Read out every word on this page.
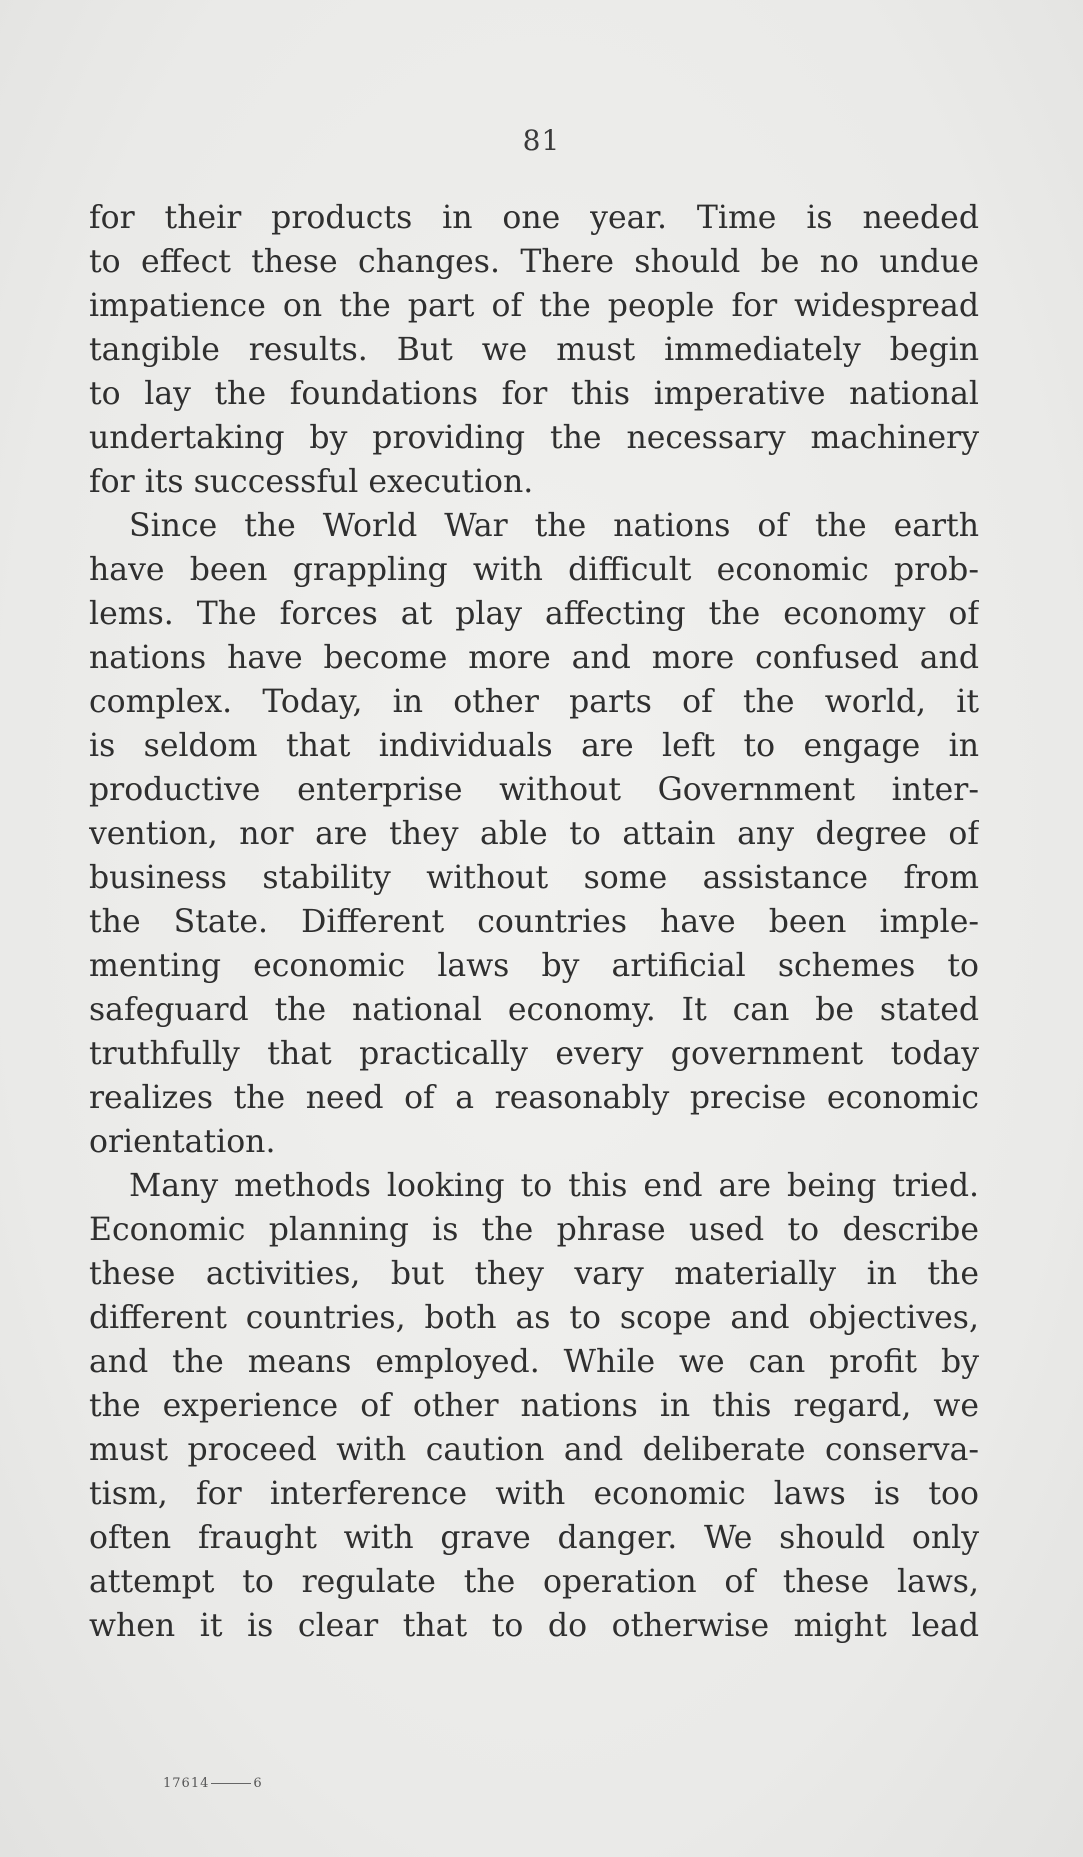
81
for their products in one year. Time is needed
to effect these changes. There should be no undue
impatience on the part of the people for widespread
tangible results. But we must immediately begin
to lay the foundations for this imperative national
undertaking by providing the necessary machinery
for its successful execution.
Since the World War the nations of the earth
have been grappling with difficult economic prob-
lems. The forces at play affecting the economy of
nations have become more and more confused and
complex. Today, in other parts of the world, it
is seldom that individuals are left to engage in
productive enterprise without Government inter-
vention, nor are they able to attain any degree of
business stability without some assistance from
the State. Different countries have been imple-
menting economic laws by artificial schemes to
safeguard the national economy. It can be stated
truthfully that practically every government today
realizes the need of a reasonably precise economic
orientation.
Many methods looking to this end are being tried.
Economic planning is the phrase used to describe
these activities, but they vary materially in the
different countries, both as to scope and objectives,
and the means employed. While we can profit by
the experience of other nations in this regard, we
must proceed with caution and deliberate conserva-
tism, for interference with economic laws is too
often fraught with grave danger. We should only
attempt to regulate the operation of these laws,
when it is clear that to do otherwise might lead
17614	6
